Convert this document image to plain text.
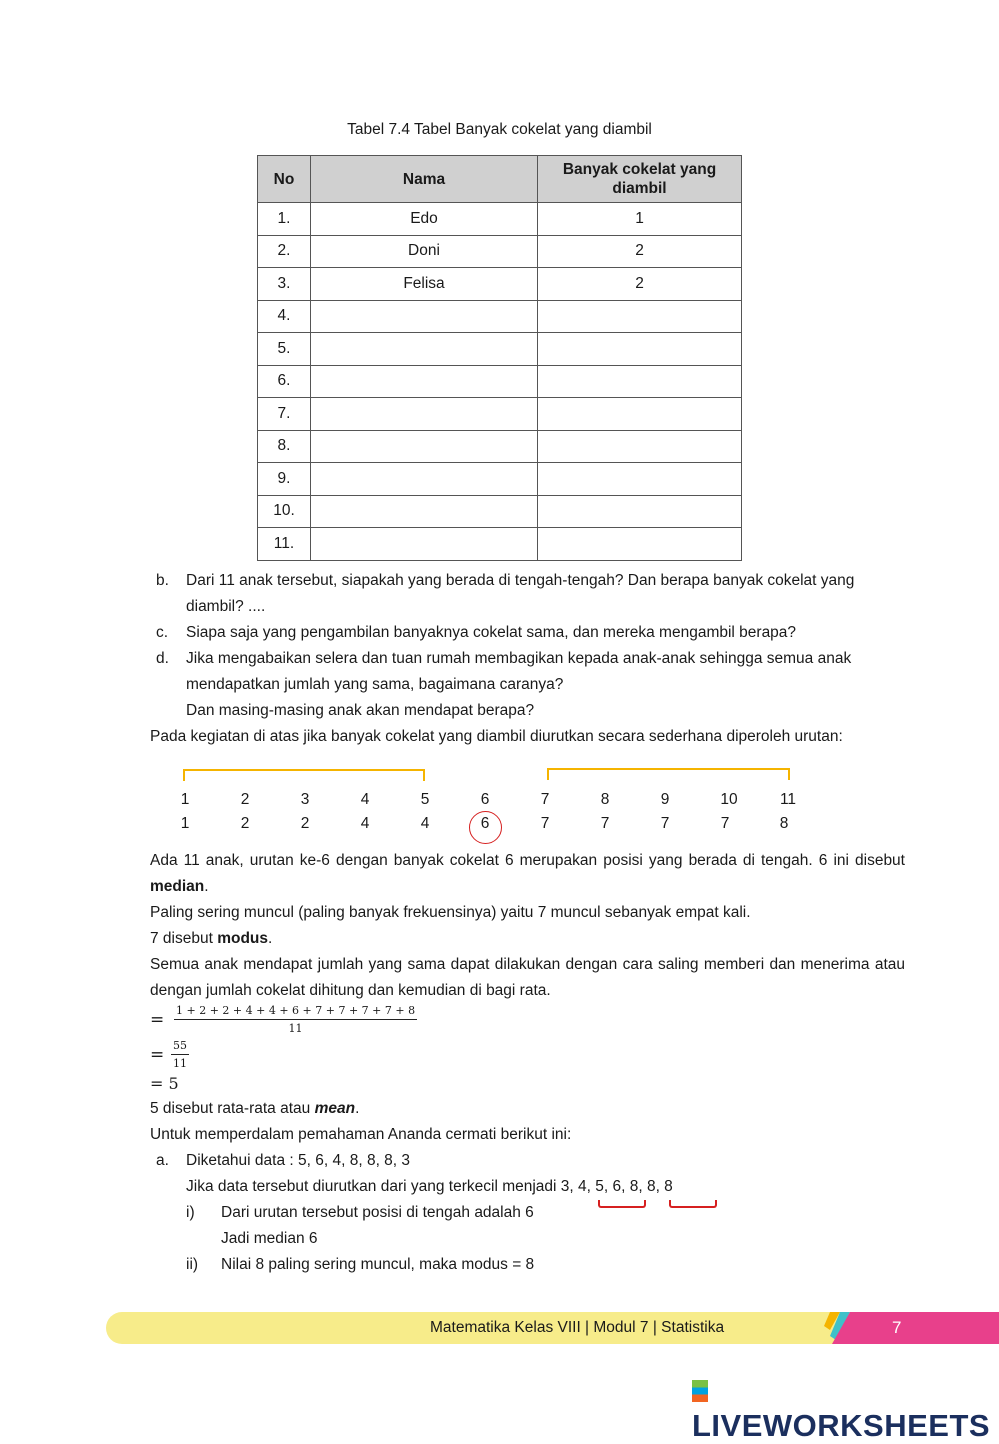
Tabel 7.4 Tabel Banyak cokelat yang diambil
No	Nama	Banyak cokelat yang diambil
1.	Edo	1
2.	Doni	2
3.	Felisa	2
4.		
5.		
6.		
7.		
8.		
9.		
10.		
11.		
b. Dari 11 anak tersebut, siapakah yang berada di tengah-tengah? Dan berapa banyak cokelat yang diambil? ....
c. Siapa saja yang pengambilan banyaknya cokelat sama, dan mereka mengambil berapa?
d. Jika mengabaikan selera dan tuan rumah membagikan kepada anak-anak sehingga semua anak mendapatkan jumlah yang sama, bagaimana caranya?
Dan masing-masing anak akan mendapat berapa?
Pada kegiatan di atas jika banyak cokelat yang diambil diurutkan secara sederhana diperoleh urutan:
1	2	3	4	5	6	7	8	9	10	11
1	2	2	4	4	6	7	7	7	7	8
Ada 11 anak, urutan ke-6 dengan banyak cokelat 6 merupakan posisi yang berada di tengah. 6 ini disebut median.
Paling sering muncul (paling banyak frekuensinya) yaitu 7 muncul sebanyak empat kali.
7 disebut modus.
Semua anak mendapat jumlah yang sama dapat dilakukan dengan cara saling memberi dan menerima atau dengan jumlah cokelat dihitung dan kemudian di bagi rata.
= $\frac{1 + 2 + 2 + 4 + 4 + 6 + 7 + 7 + 7 + 7 + 8}{11}$
= $\frac{55}{11}$
= 5
5 disebut rata-rata atau mean.
Untuk memperdalam pemahaman Ananda cermati berikut ini:
a. Diketahui data : 5, 6, 4, 8, 8, 8, 3
Jika data tersebut diurutkan dari yang terkecil menjadi 3, 4, 5, 6, 8, 8, 8
i) Dari urutan tersebut posisi di tengah adalah 6
Jadi median 6
ii) Nilai 8 paling sering muncul, maka modus = 8
Matematika Kelas VIII | Modul 7 | Statistika	7
LIVEWORKSHEETS
